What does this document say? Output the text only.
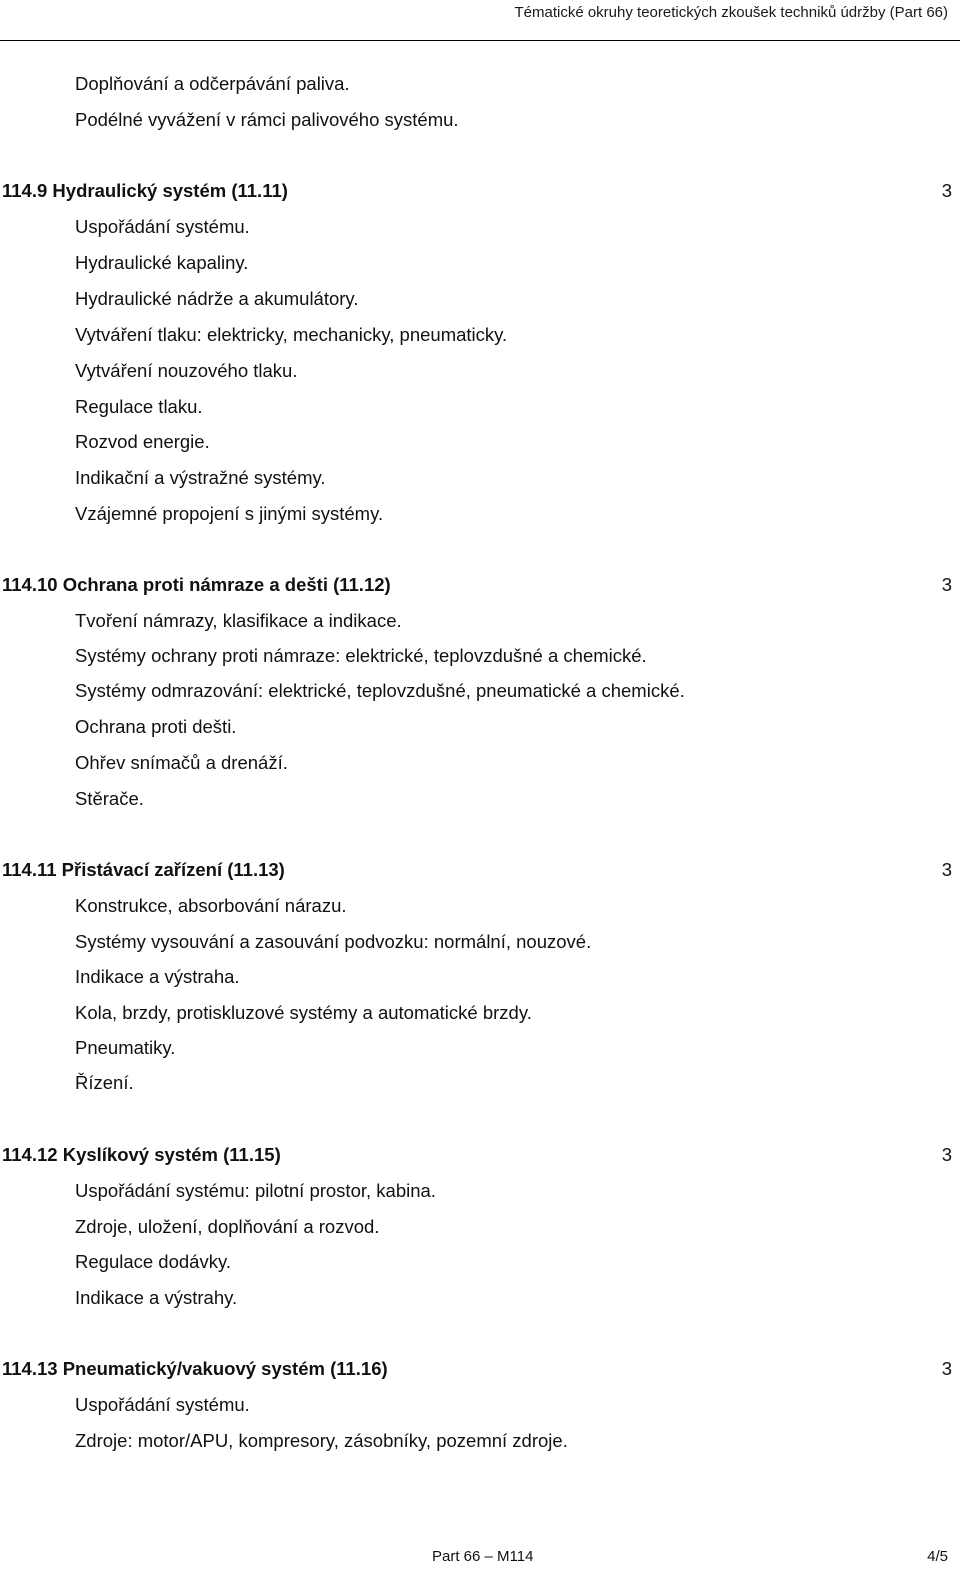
Tématické okruhy teoretických zkoušek techniků údržby (Part 66)
Doplňování a odčerpávání paliva.
Podélné vyvážení v rámci palivového systému.
114.9 Hydraulický systém (11.11)	3
Uspořádání systému.
Hydraulické kapaliny.
Hydraulické nádrže a akumulátory.
Vytváření tlaku: elektricky, mechanicky, pneumaticky.
Vytváření nouzového tlaku.
Regulace tlaku.
Rozvod energie.
Indikační a výstražné systémy.
Vzájemné propojení s jinými systémy.
114.10 Ochrana proti námraze a dešti (11.12)	3
Tvoření námrazy, klasifikace a indikace.
Systémy ochrany proti námraze: elektrické, teplovzdušné a chemické.
Systémy odmrazování: elektrické, teplovzdušné, pneumatické a chemické.
Ochrana proti dešti.
Ohřev snímačů a drenáží.
Stěrače.
114.11 Přistávací zařízení (11.13)	3
Konstrukce, absorbování nárazu.
Systémy vysouvání a zasouvání podvozku: normální, nouzové.
Indikace a výstraha.
Kola, brzdy, protiskluzové systémy a automatické brzdy.
Pneumatiky.
Řízení.
114.12 Kyslíkový systém (11.15)	3
Uspořádání systému: pilotní prostor, kabina.
Zdroje, uložení, doplňování a rozvod.
Regulace dodávky.
Indikace a výstrahy.
114.13 Pneumatický/vakuový systém (11.16)	3
Uspořádání systému.
Zdroje: motor/APU, kompresory, zásobníky, pozemní zdroje.
Part 66 – M114	4/5
